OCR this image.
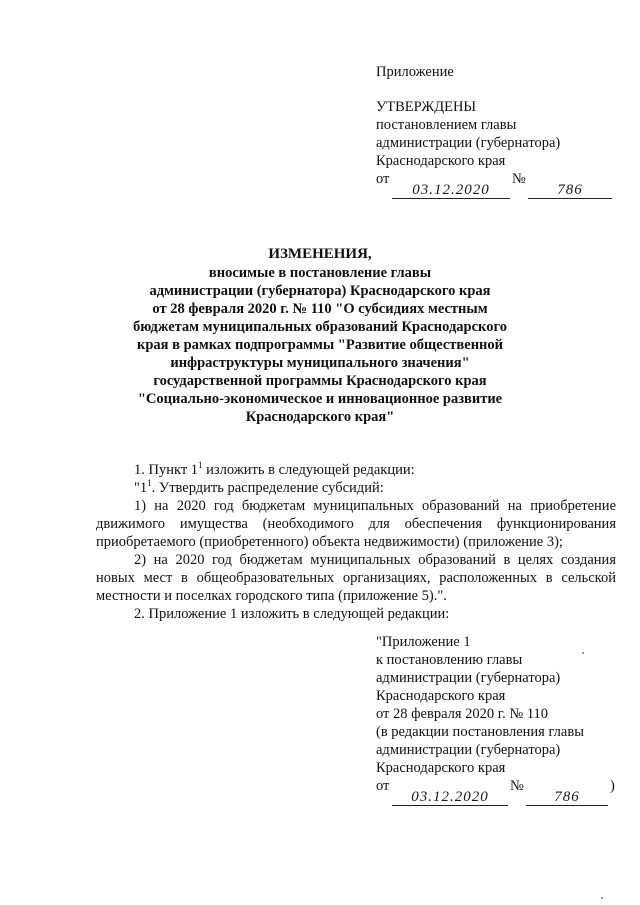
Приложение
УТВЕРЖДЕНЫ
постановлением главы
администрации (губернатора)
Краснодарского края
от
03.12.2020
№
786
ИЗМЕНЕНИЯ,
вносимые в постановление главы
администрации (губернатора) Краснодарского края
от 28 февраля 2020 г. № 110 "О субсидиях местным
бюджетам муниципальных образований Краснодарского
края в рамках подпрограммы "Развитие общественной
инфраструктуры муниципального значения"
государственной программы Краснодарского края
"Социально-экономическое и инновационное развитие
Краснодарского края"

1. Пункт $1^1$ изложить в следующей редакции:

"$1^1$. Утвердить распределение субсидий:

1) на 2020 год бюджетам муниципальных образований на приобретение движимого имущества (необходимого для обеспечения функционирования приобретаемого (приобретенного) объекта недвижимости) (приложение 3);

2) на 2020 год бюджетам муниципальных образований в целях создания новых мест в общеобразовательных организациях, расположенных в сельской местности и поселках городского типа (приложение 5).".

2. Приложение 1 изложить в следующей редакции:

"Приложение 1
к постановлению главы
администрации (губернатора)
Краснодарского края
от 28 февраля 2020 г. № 110
(в редакции постановления главы
администрации (губернатора)
Краснодарского края
от
03.12.2020
№
786
)
